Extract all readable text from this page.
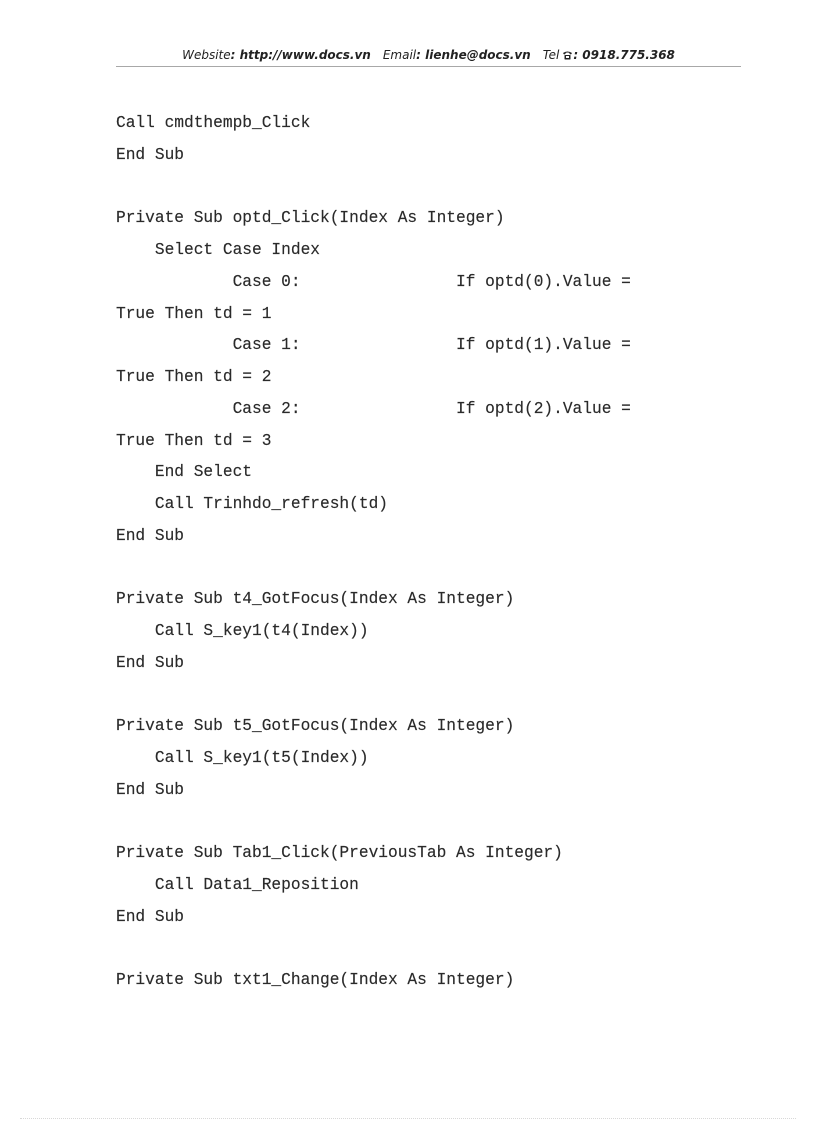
Website: http://www.docs.vn Email: lienhe@docs.vn Tel : 0918.775.368
Call cmdthempb_Click
End Sub
Private Sub optd_Click(Index As Integer)
Select Case Index
Case 0:                If optd(0).Value =
True Then td = 1
Case 1:                If optd(1).Value =
True Then td = 2
Case 2:                If optd(2).Value =
True Then td = 3
End Select
Call Trinhdo_refresh(td)
End Sub
Private Sub t4_GotFocus(Index As Integer)
Call S_key1(t4(Index))
End Sub
Private Sub t5_GotFocus(Index As Integer)
Call S_key1(t5(Index))
End Sub
Private Sub Tab1_Click(PreviousTab As Integer)
Call Data1_Reposition
End Sub
Private Sub txt1_Change(Index As Integer)
